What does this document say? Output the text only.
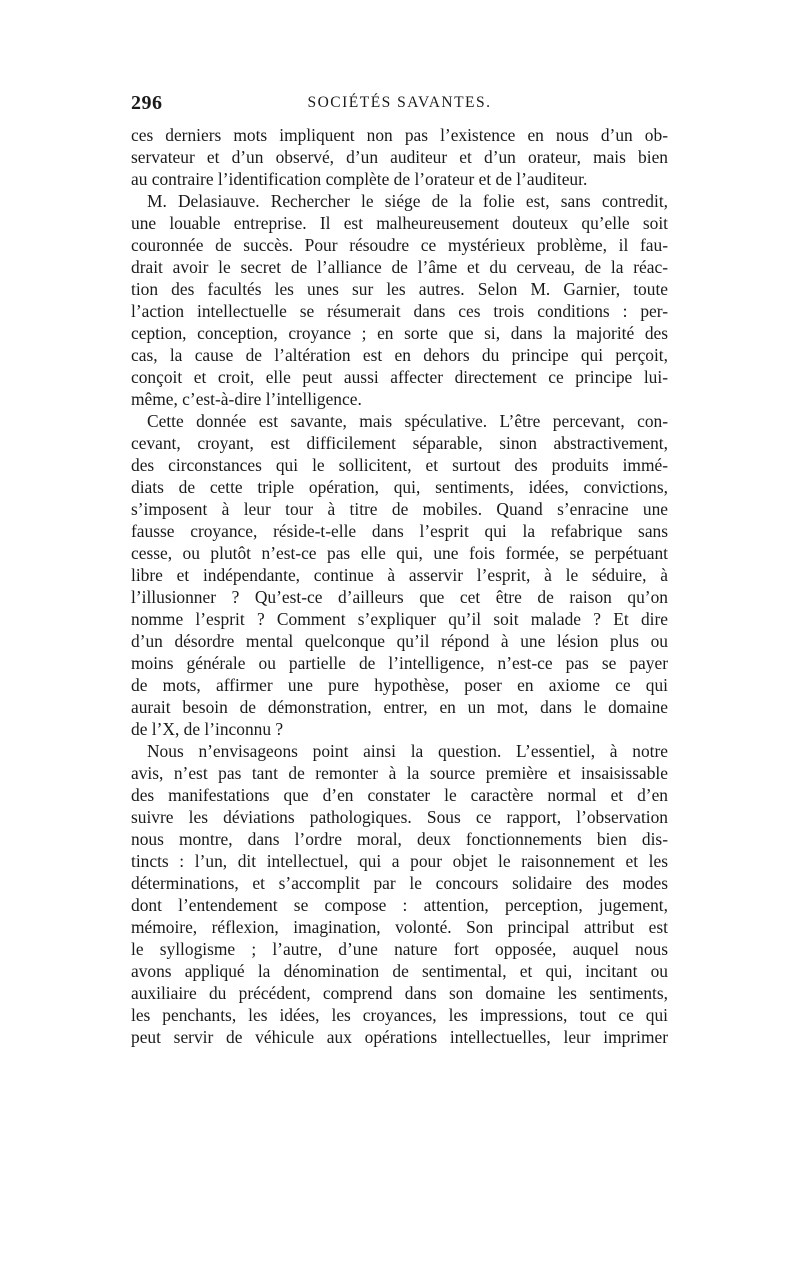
296	SOCIÉTÉS SAVANTES.
ces derniers mots impliquent non pas l’existence en nous d’un ob-
servateur et d’un observé, d’un auditeur et d’un orateur, mais bien
au contraire l’identification complète de l’orateur et de l’auditeur.
M. Delasiauve. Rechercher le siége de la folie est, sans contredit,
une louable entreprise. Il est malheureusement douteux qu’elle soit
couronnée de succès. Pour résoudre ce mystérieux problème, il fau-
drait avoir le secret de l’alliance de l’âme et du cerveau, de la réac-
tion des facultés les unes sur les autres. Selon M. Garnier, toute
l’action intellectuelle se résumerait dans ces trois conditions : per-
ception, conception, croyance ; en sorte que si, dans la majorité des
cas, la cause de l’altération est en dehors du principe qui perçoit,
conçoit et croit, elle peut aussi affecter directement ce principe lui-
même, c’est-à-dire l’intelligence.
Cette donnée est savante, mais spéculative. L’être percevant, con-
cevant, croyant, est difficilement séparable, sinon abstractivement,
des circonstances qui le sollicitent, et surtout des produits immé-
diats de cette triple opération, qui, sentiments, idées, convictions,
s’imposent à leur tour à titre de mobiles. Quand s’enracine une
fausse croyance, réside-t-elle dans l’esprit qui la refabrique sans
cesse, ou plutôt n’est-ce pas elle qui, une fois formée, se perpétuant
libre et indépendante, continue à asservir l’esprit, à le séduire, à
l’illusionner ? Qu’est-ce d’ailleurs que cet être de raison qu’on
nomme l’esprit ? Comment s’expliquer qu’il soit malade ? Et dire
d’un désordre mental quelconque qu’il répond à une lésion plus ou
moins générale ou partielle de l’intelligence, n’est-ce pas se payer
de mots, affirmer une pure hypothèse, poser en axiome ce qui
aurait besoin de démonstration, entrer, en un mot, dans le domaine
de l’X, de l’inconnu ?
Nous n’envisageons point ainsi la question. L’essentiel, à notre
avis, n’est pas tant de remonter à la source première et insaisissable
des manifestations que d’en constater le caractère normal et d’en
suivre les déviations pathologiques. Sous ce rapport, l’observation
nous montre, dans l’ordre moral, deux fonctionnements bien dis-
tincts : l’un, dit intellectuel, qui a pour objet le raisonnement et les
déterminations, et s’accomplit par le concours solidaire des modes
dont l’entendement se compose : attention, perception, jugement,
mémoire, réflexion, imagination, volonté. Son principal attribut est
le syllogisme ; l’autre, d’une nature fort opposée, auquel nous
avons appliqué la dénomination de sentimental, et qui, incitant ou
auxiliaire du précédent, comprend dans son domaine les sentiments,
les penchants, les idées, les croyances, les impressions, tout ce qui
peut servir de véhicule aux opérations intellectuelles, leur imprimer
